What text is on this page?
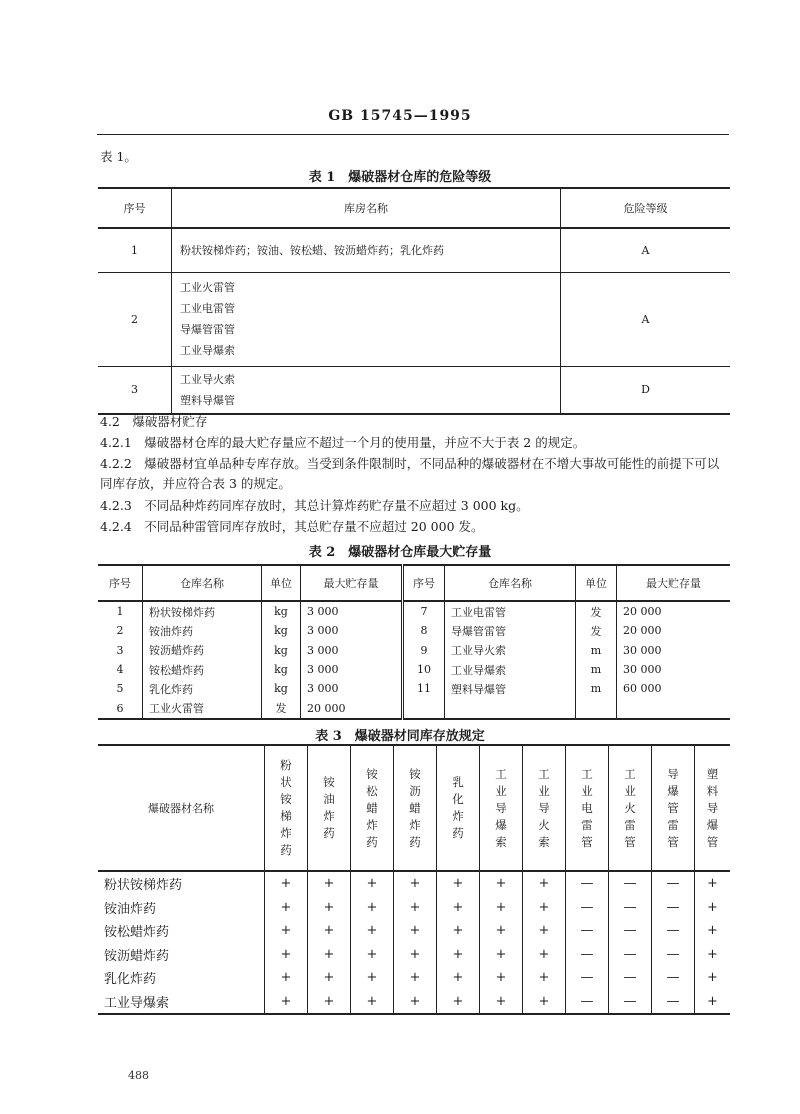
GB 15745—1995
表 1。
表 1　爆破器材仓库的危险等级
序号	库房名称	危险等级
1	粉状铵梯炸药；铵油、铵松蜡、铵沥蜡炸药；乳化炸药	A
2	工业火雷管
工业电雷管
导爆管雷管
工业导爆索	A
3	工业导火索
塑料导爆管	D
4.2　爆破器材贮存
4.2.1　爆破器材仓库的最大贮存量应不超过一个月的使用量，并应不大于表 2 的规定。
4.2.2　爆破器材宜单品种专库存放。当受到条件限制时，不同品种的爆破器材在不增大事故可能性的前提下可以同库存放，并应符合表 3 的规定。
4.2.3　不同品种炸药同库存放时，其总计算炸药贮存量不应超过 3 000 kg。
4.2.4　不同品种雷管同库存放时，其总贮存量不应超过 20 000 发。
表 2　爆破器材仓库最大贮存量
序号	仓库名称	单位	最大贮存量	序号	仓库名称	单位	最大贮存量
1	粉状铵梯炸药	kg	3 000	7	工业电雷管	发	20 000
2	铵油炸药	kg	3 000	8	导爆管雷管	发	20 000
3	铵沥蜡炸药	kg	3 000	9	工业导火索	m	30 000
4	铵松蜡炸药	kg	3 000	10	工业导爆索	m	30 000
5	乳化炸药	kg	3 000	11	塑料导爆管	m	60 000
6	工业火雷管	发	20 000				
表 3　爆破器材同库存放规定
爆破器材名称	粉状铵梯炸药	铵油炸药	铵松蜡炸药	铵沥蜡炸药	乳化炸药	工业导爆索	工业导火索	工业电雷管	工业火雷管	导爆管雷管	塑料导爆管
粉状铵梯炸药	+	+	+	+	+	+	+	—	—	—	+
铵油炸药	+	+	+	+	+	+	+	—	—	—	+
铵松蜡炸药	+	+	+	+	+	+	+	—	—	—	+
铵沥蜡炸药	+	+	+	+	+	+	+	—	—	—	+
乳化炸药	+	+	+	+	+	+	+	—	—	—	+
工业导爆索	+	+	+	+	+	+	+	—	—	—	+
488
